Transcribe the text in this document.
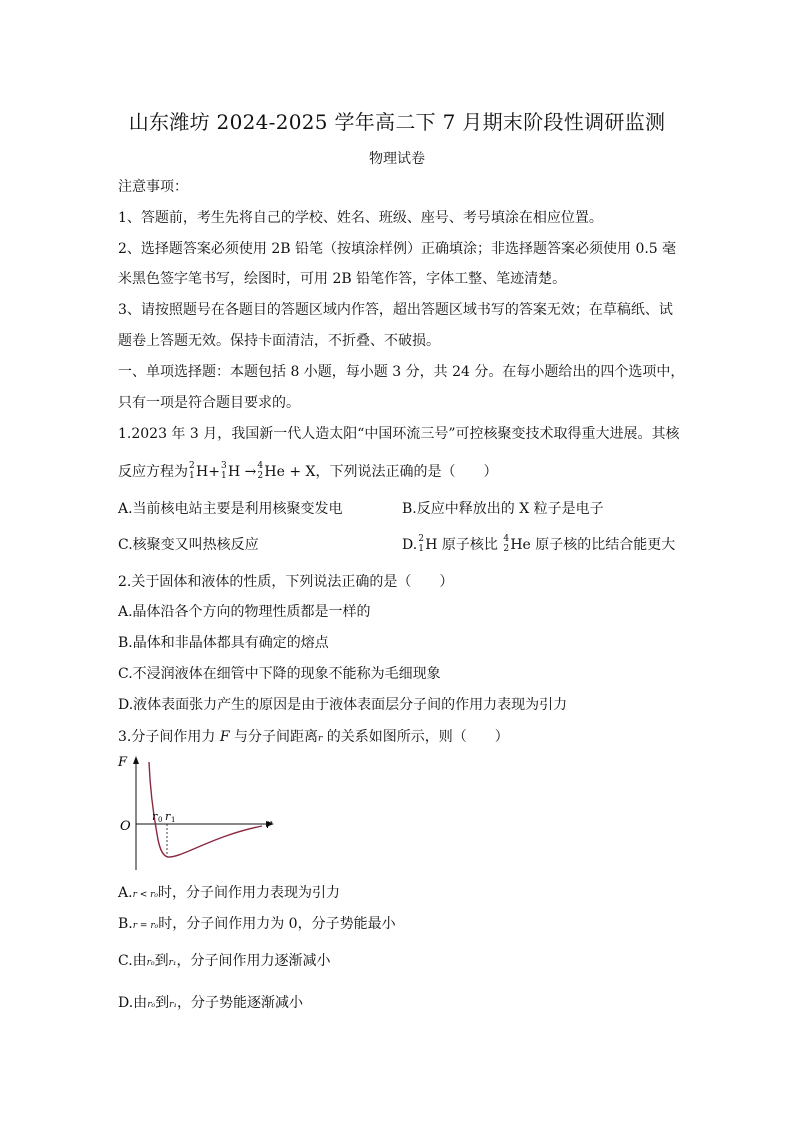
山东潍坊 2024-2025 学年高二下 7 月期末阶段性调研监测
物理试卷
注意事项：
1、答题前，考生先将自己的学校、姓名、班级、座号、考号填涂在相应位置。
2、选择题答案必须使用 2B 铅笔（按填涂样例）正确填涂；非选择题答案必须使用 0.5 毫
米黑色签字笔书写，绘图时，可用 2B 铅笔作答，字体工整、笔迹清楚。
3、请按照题号在各题目的答题区域内作答，超出答题区域书写的答案无效；在草稿纸、试
题卷上答题无效。保持卡面清洁，不折叠、不破损。
一、单项选择题：本题包括 8 小题，每小题 3 分，共 24 分。在每小题给出的四个选项中，
只有一项是符合题目要求的。
1.2023 年 3 月，我国新一代人造太阳“中国环流三号”可控核聚变技术取得重大进展。其核
反应方程为 2
1 H+ 3
1 H → 4
2 He + X，下列说法正确的是（　　）
A.当前核电站主要是利用核聚变发电	B.反应中释放出的 X 粒子是电子
C.核聚变又叫热核反应	D. 2
1 H 原子核比 4
2 He 原子核的比结合能更大
2.关于固体和液体的性质，下列说法正确的是（　　）
A.晶体沿各个方向的物理性质都是一样的
B.晶体和非晶体都具有确定的熔点
C.不浸润液体在细管中下降的现象不能称为毛细现象
D.液体表面张力产生的原因是由于液体表面层分子间的作用力表现为引力
3.分子间作用力 F 与分子间距离r 的关系如图所示，则（　　）
F
O	r
r 0 r 1
A.r < r₀时，分子间作用力表现为引力
B.r = r₀时，分子间作用力为 0，分子势能最小
C.由r₀到r₁，分子间作用力逐渐减小
D.由r₀到r₁，分子势能逐渐减小
